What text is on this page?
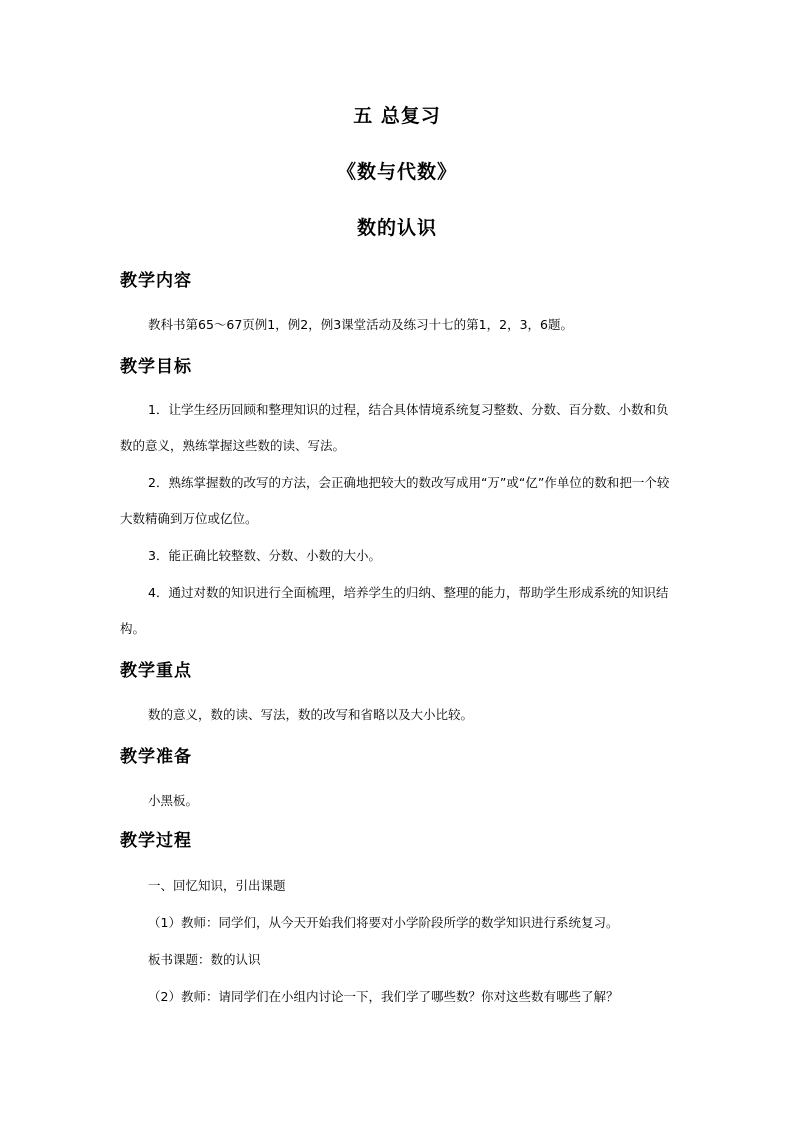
五 总复习
《数与代数》
数的认识
教学内容
教科书第65～67页例1，例2，例3课堂活动及练习十七的第1，2，3，6题。
教学目标
1．让学生经历回顾和整理知识的过程，结合具体情境系统复习整数、分数、百分数、小数和负数的意义，熟练掌握这些数的读、写法。
2．熟练掌握数的改写的方法，会正确地把较大的数改写成用“万”或“亿”作单位的数和把一个较大数精确到万位或亿位。
3．能正确比较整数、分数、小数的大小。
4．通过对数的知识进行全面梳理，培养学生的归纳、整理的能力，帮助学生形成系统的知识结构。
教学重点
数的意义，数的读、写法，数的改写和省略以及大小比较。
教学准备
小黑板。
教学过程
一、回忆知识，引出课题
（1）教师：同学们，从今天开始我们将要对小学阶段所学的数学知识进行系统复习。
板书课题：数的认识
（2）教师：请同学们在小组内讨论一下，我们学了哪些数？你对这些数有哪些了解？
